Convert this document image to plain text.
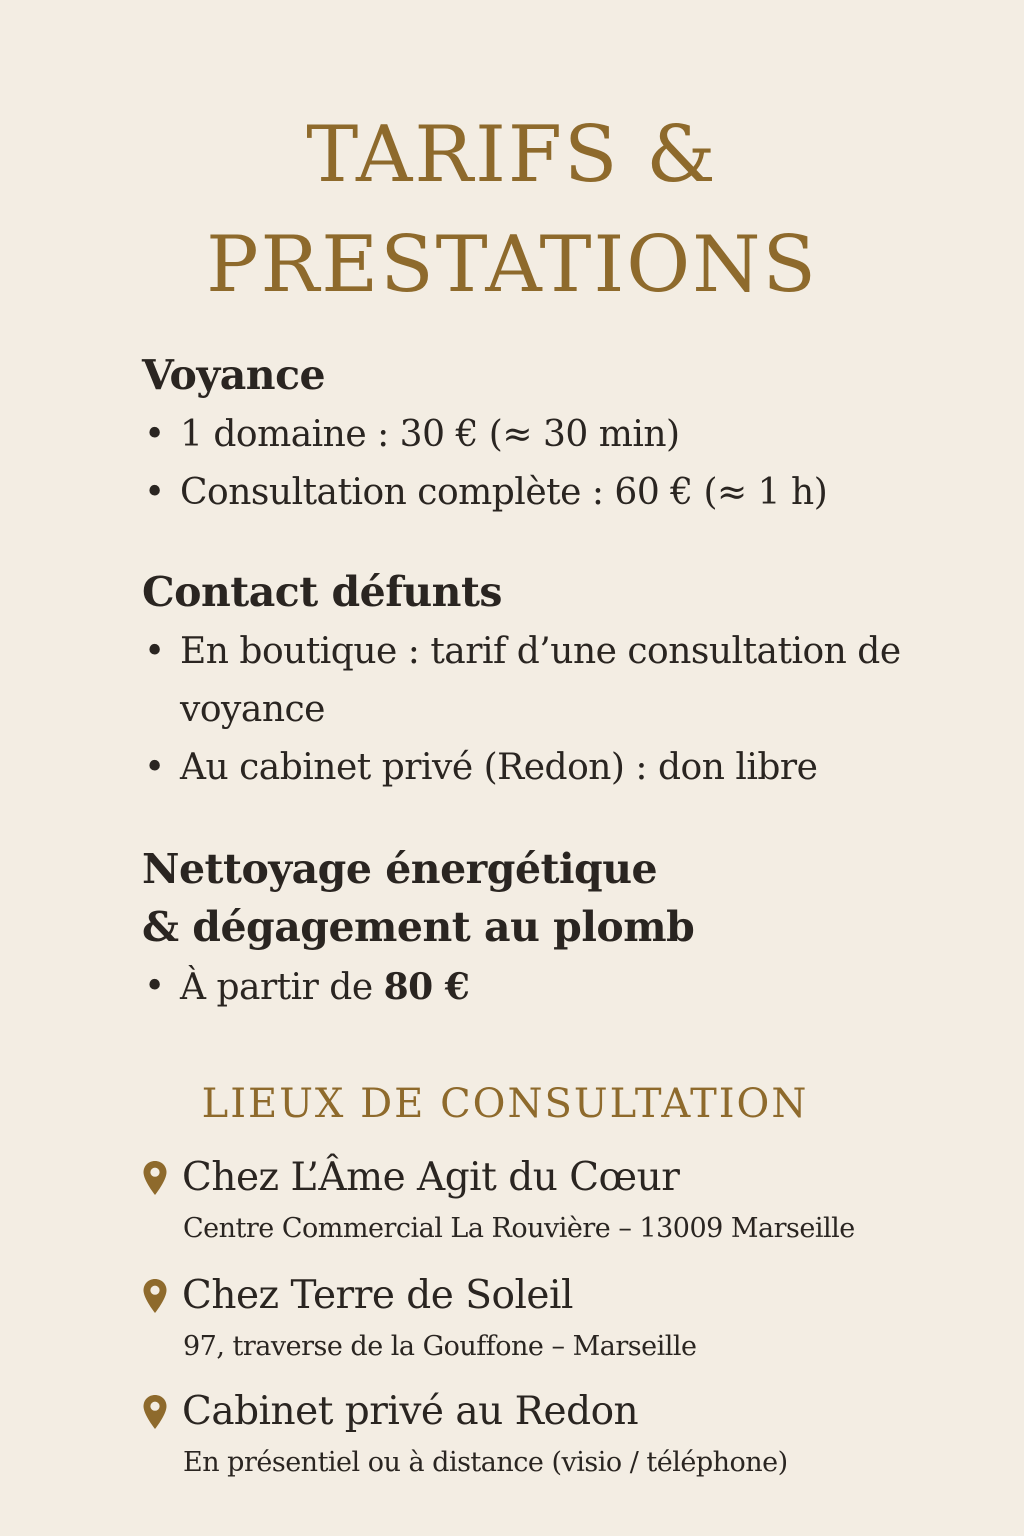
TARIFS &
PRESTATIONS
Voyance
• 1 domaine : 30 € (≈ 30 min)
• Consultation complète : 60 € (≈ 1 h)
Contact défunts
• En boutique : tarif d’une consultation de voyance
• Au cabinet privé (Redon) : don libre
Nettoyage énergétique
& dégagement au plomb
• À partir de 80 €
LIEUX DE CONSULTATION

Chez L’Âme Agit du Cœur

Centre Commercial La Rouvière – 13009 Marseille

Chez Terre de Soleil

97, traverse de la Gouffone – Marseille

Cabinet privé au Redon

En présentiel ou à distance (visio / téléphone)
